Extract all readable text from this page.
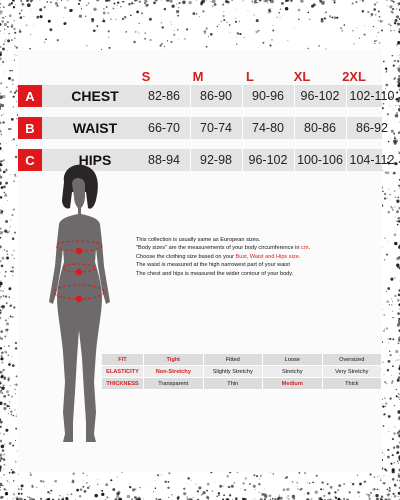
S	M	L	XL	2XL
A	CHEST	82-86	86-90	90-96	96-102 102-110
B	WAIST	66-70	70-74	74-80	80-86	86-92
C	HIPS	88-94	92-98	96-102 100-106 104-112
This collection is usually same as European sizes.
"Body sizes" are the measurements of your body circumference in cm.
Choose the clothing size based on your Bust, Waist and Hips size.
The waist is measured at the high narrowest part of your waist
The chest and hips is measured the wider contour of your body.
FIT	Tight	Fitted	Loose	Oversized
ELASTICITY	Non-Stretchy	Slightly Stretchy	Stretchy	Very Stretchy
THICKNESS	Transparent	Thin	Medium	Thick
